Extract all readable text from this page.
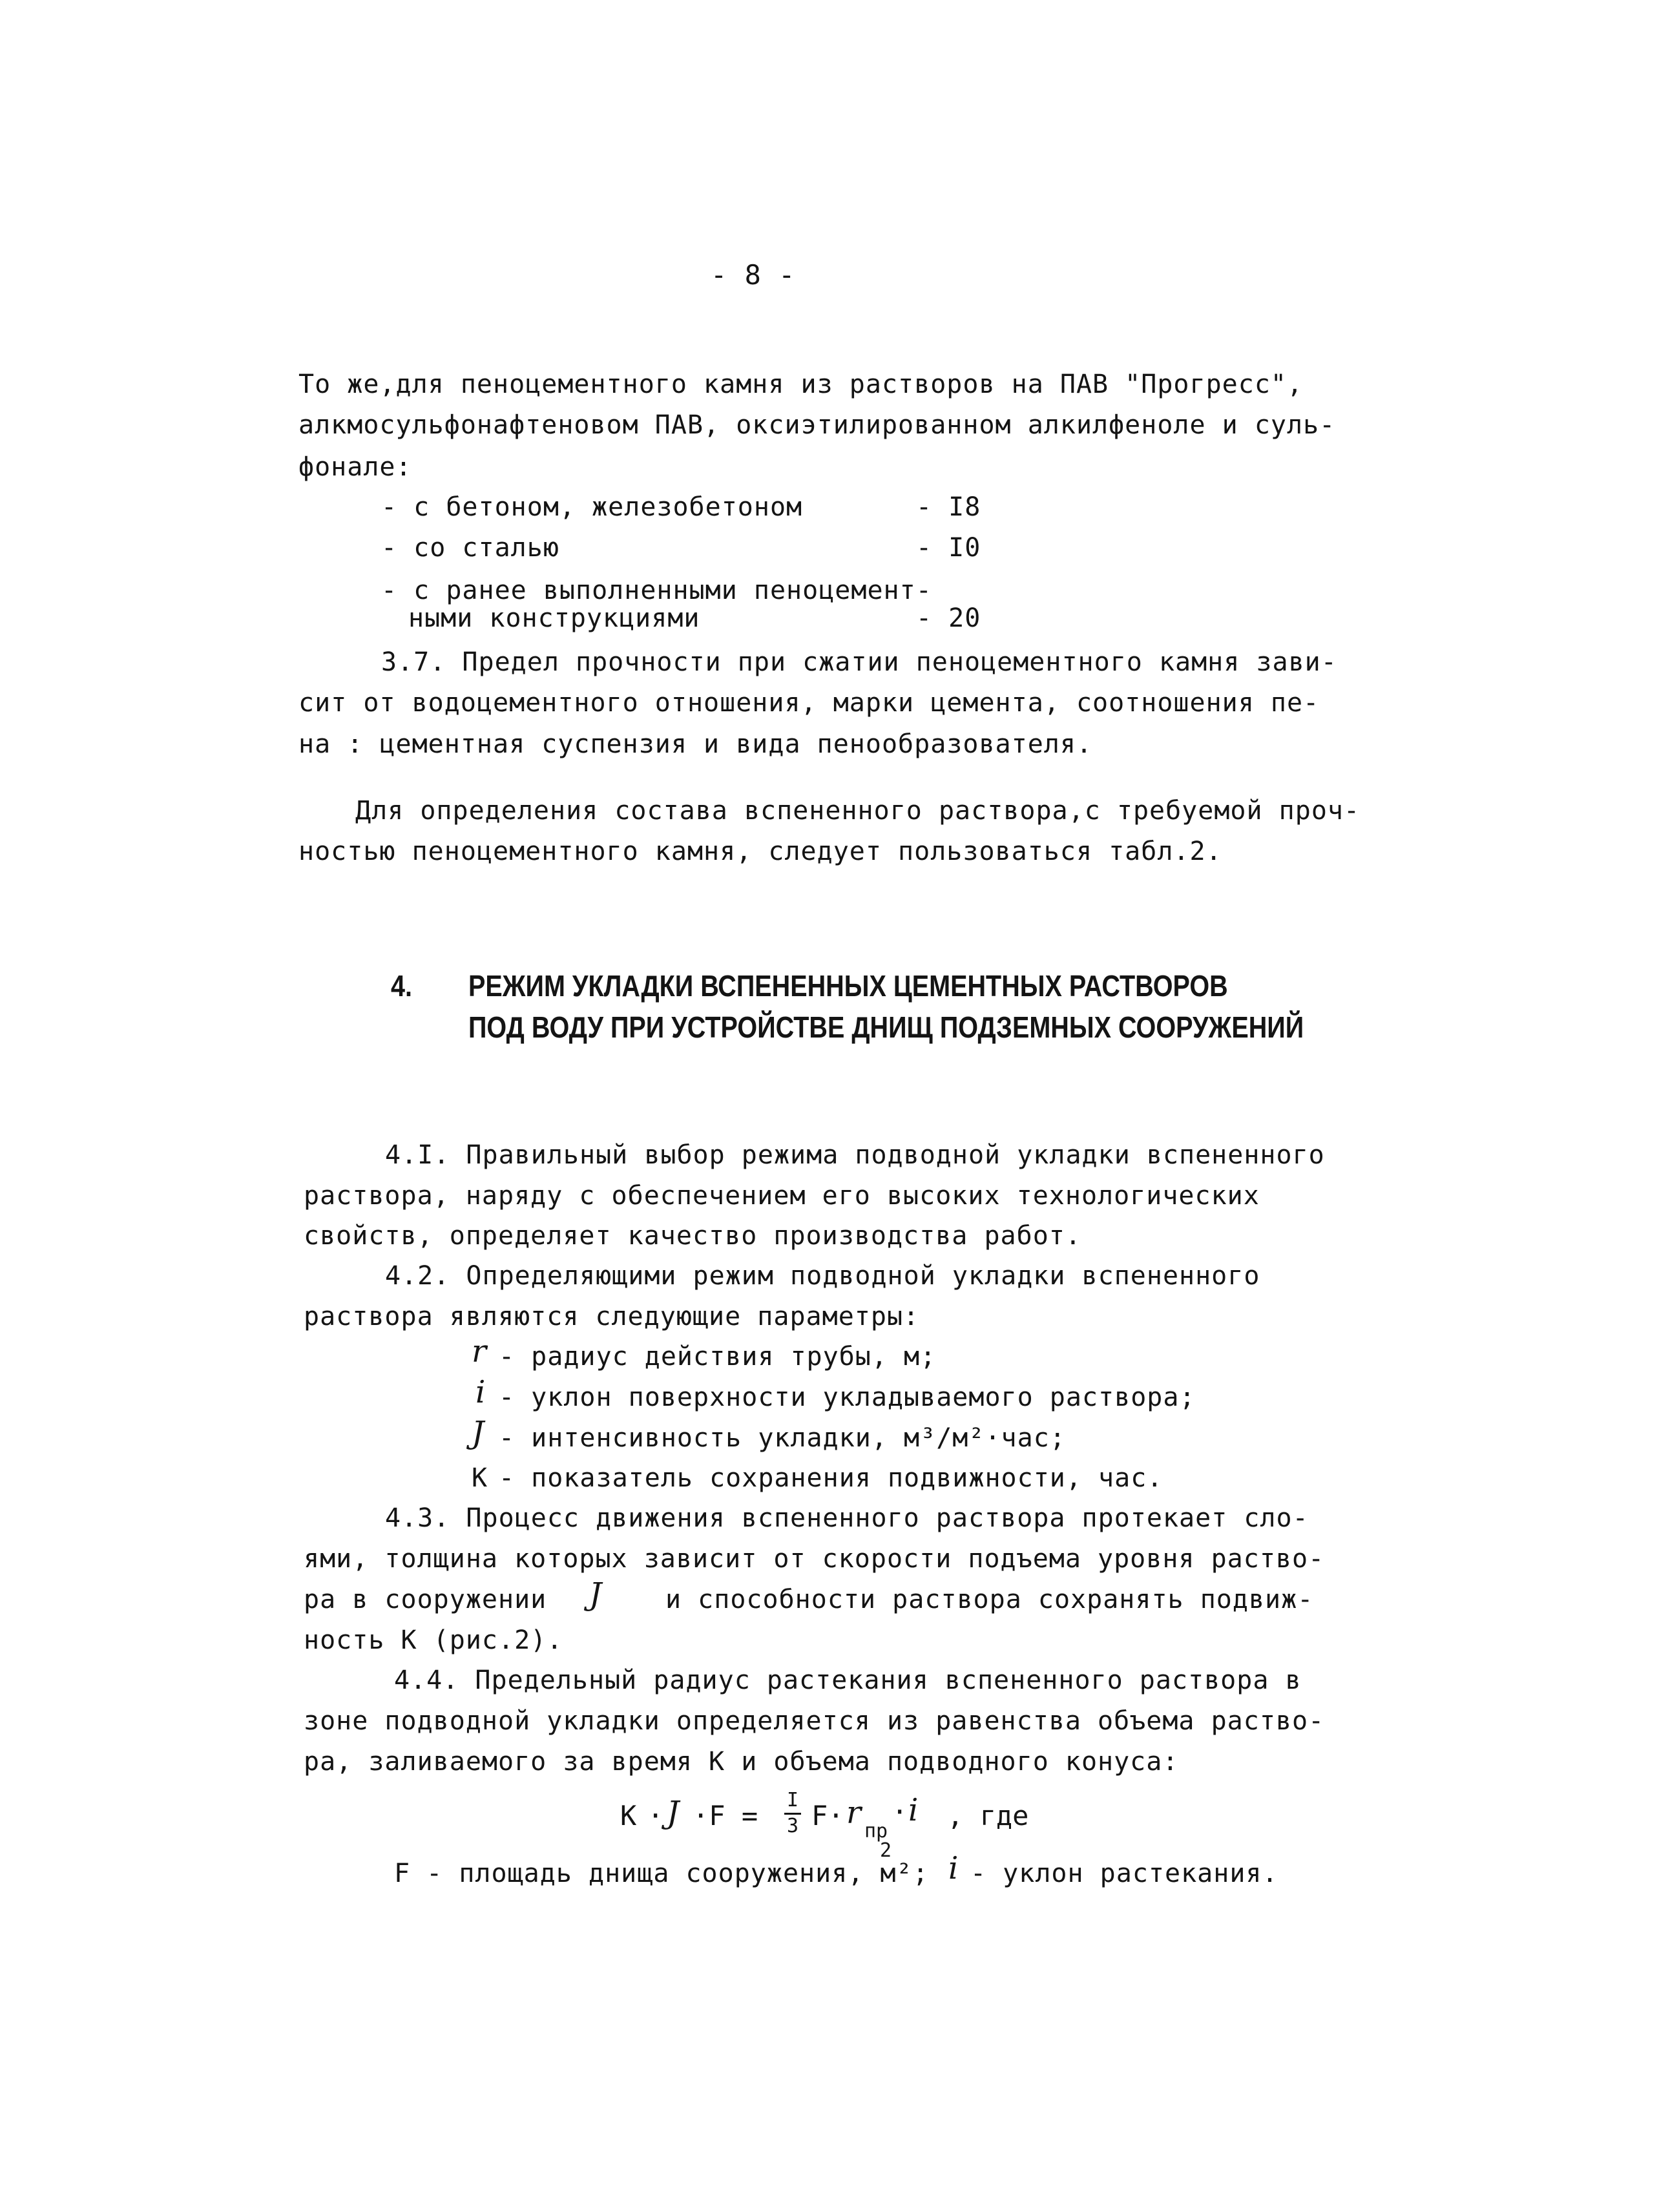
- 8 -
То же,для пеноцементного камня из растворов на ПАВ "Прогресс",
алкмосульфонафтеновом ПАВ, оксиэтилированном алкилфеноле и суль-
фонале:
- с бетоном, железобетоном	- I8
- со сталью	- I0
- с ранее выполненными пеноцемент-
ными конструкциями	- 20
3.7. Предел прочности при сжатии пеноцементного камня зави-
сит от водоцементного отношения, марки цемента, соотношения пе-
на : цементная суспензия и вида пенообразователя.
Для определения состава вспененного раствора,с требуемой проч-
ностью пеноцементного камня, следует пользоваться табл.2.
4. РЕЖИМ УКЛАДКИ ВСПЕНЕННЫХ ЦЕМЕНТНЫХ РАСТВОРОВ
ПОД ВОДУ ПРИ УСТРОЙСТВЕ ДНИЩ ПОДЗЕМНЫХ СООРУЖЕНИЙ
4.I. Правильный выбор режима подводной укладки вспененного
раствора, наряду с обеспечением его высоких технологических
свойств, определяет качество производства работ.
4.2. Определяющими режим подводной укладки вспененного
раствора являются следующие параметры:
r - радиус действия трубы, м;
i - уклон поверхности укладываемого раствора;
J - интенсивность укладки, м³/м²·час;
К - показатель сохранения подвижности, час.
4.3. Процесс движения вспененного раствора протекает сло-
ями, толщина которых зависит от скорости подъема уровня раство-
ра в сооружении J и способности раствора сохранять подвиж-
ность К (рис.2).
4.4. Предельный радиус растекания вспененного раствора в
зоне подводной укладки определяется из равенства объема раство-
ра, заливаемого за время К и объема подводного конуса:
К · J ·F = I
3 F· r
пр
· i , где
2
F - площадь днища сооружения, м²; i - уклон растекания.
